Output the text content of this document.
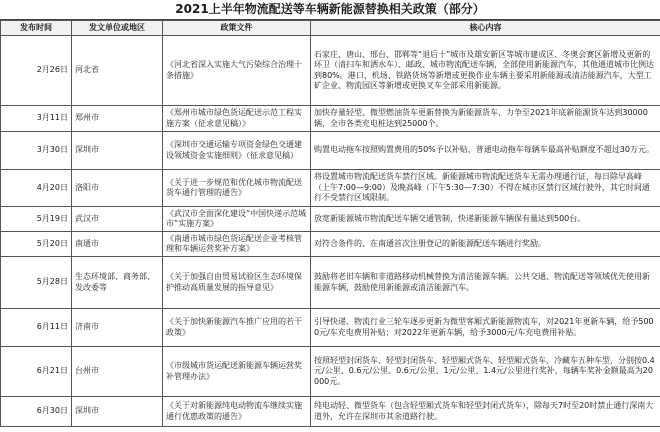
2021上半年物流配送等车辆新能源替换相关政策（部分）
发布时间	发文单位或地区	政策文件	核心内容
2月26日	河北省	《河北省深入实施大气污染综合治理十条措施》	石家庄、唐山、邢台、邯郸等“退后十”城市及雄安新区等城市建成区、冬奥会赛区新增及更新的环卫（清扫车和洒水车）、邮政、城市物流配送车辆，全部使用新能源汽车，其他通道城市比例达到80%。港口、机场、铁路货场等新增或更换作业车辆主要采用新能源或清洁能源汽车，大型工矿企业、物流园区等新增或更换叉车全部采用新能源。

3月11日	郑州市	《郑州市城市绿色货运配送示范工程实施方案（征求意见稿）》	加快存量轻型、微型燃油货车更新替换为新能源货车，力争至2021年底新能源货车达到30000辆，全市各类充电桩达到25000个。

3月30日	深圳市	《深圳市交通运输专项资金绿色交通建设领域资金实施细则》（征求意见稿）	购置电动拖车按照购置费用的50%予以补贴，普通电动拖车每辆车最高补贴额度不超过30万元。

4月20日	洛阳市	《关于进一步规范和优化城市物流配送货车通行管理的通告》	将设置城市物流配送货车禁行区域。新能源城市物流配送货车无需办理通行证，每日除早高峰（上午7:00—9:00）及晚高峰（下午5:30—7:30）不得在城市区禁行区域行驶外，其它时间通行不受禁行区域限制。

5月19日	武汉市	《武汉市全面深化建设“中国快递示范城市”实施方案》	放宽新能源城市物流配送车辆交通管制，快递新能源车辆保有量达到500台。

5月20日	南通市	《南通市城市绿色货运配送企业考核管理和车辆运营奖补方案》	对符合条件的、在南通首次注册登记的新能源配送车辆进行奖励。

5月28日	生态环境部、商务部、发改委等	《关于加强自由贸易试验区生态环境保护推动高质量发展的指导意见》	鼓励将老旧车辆和非道路移动机械替换为清洁能源车辆。公共交通、物流配送等领域优先使用新能源车辆，鼓励使用新能源或清洁能源汽车。

6月11日	济南市	《关于加快新能源汽车推广应用的若干政策》	引导快递、物流行业三轮车逐步更新为微型客厢式新能源物流车，对2021年更新车辆，给予5000元/车充电费用补贴；对2022年更新车辆，给予3000元/车充电费用补贴。

6月21日	台州市	《市级城市货运配送新能源车辆运营奖补管理办法》	按照轻型封闭货车、轻型封闭货车、轻型厢式货车、轻型厢式货车、冷藏车五种车型，分别按0.4元/公里、0.6元/公里、0.6元/公里、1元/公里、1.4元/公里进行奖补，每辆车奖补金额最高为20000元。

6月30日	深圳市	《关于对新能源纯电动物流车继续实施通行优惠政策的通告》	纯电动轻、微型货车（包含轻型厢式货车和轻型封闭式货车），除每天7时至20时禁止通行深南大道外，允许在深圳市其余道路行驶。
